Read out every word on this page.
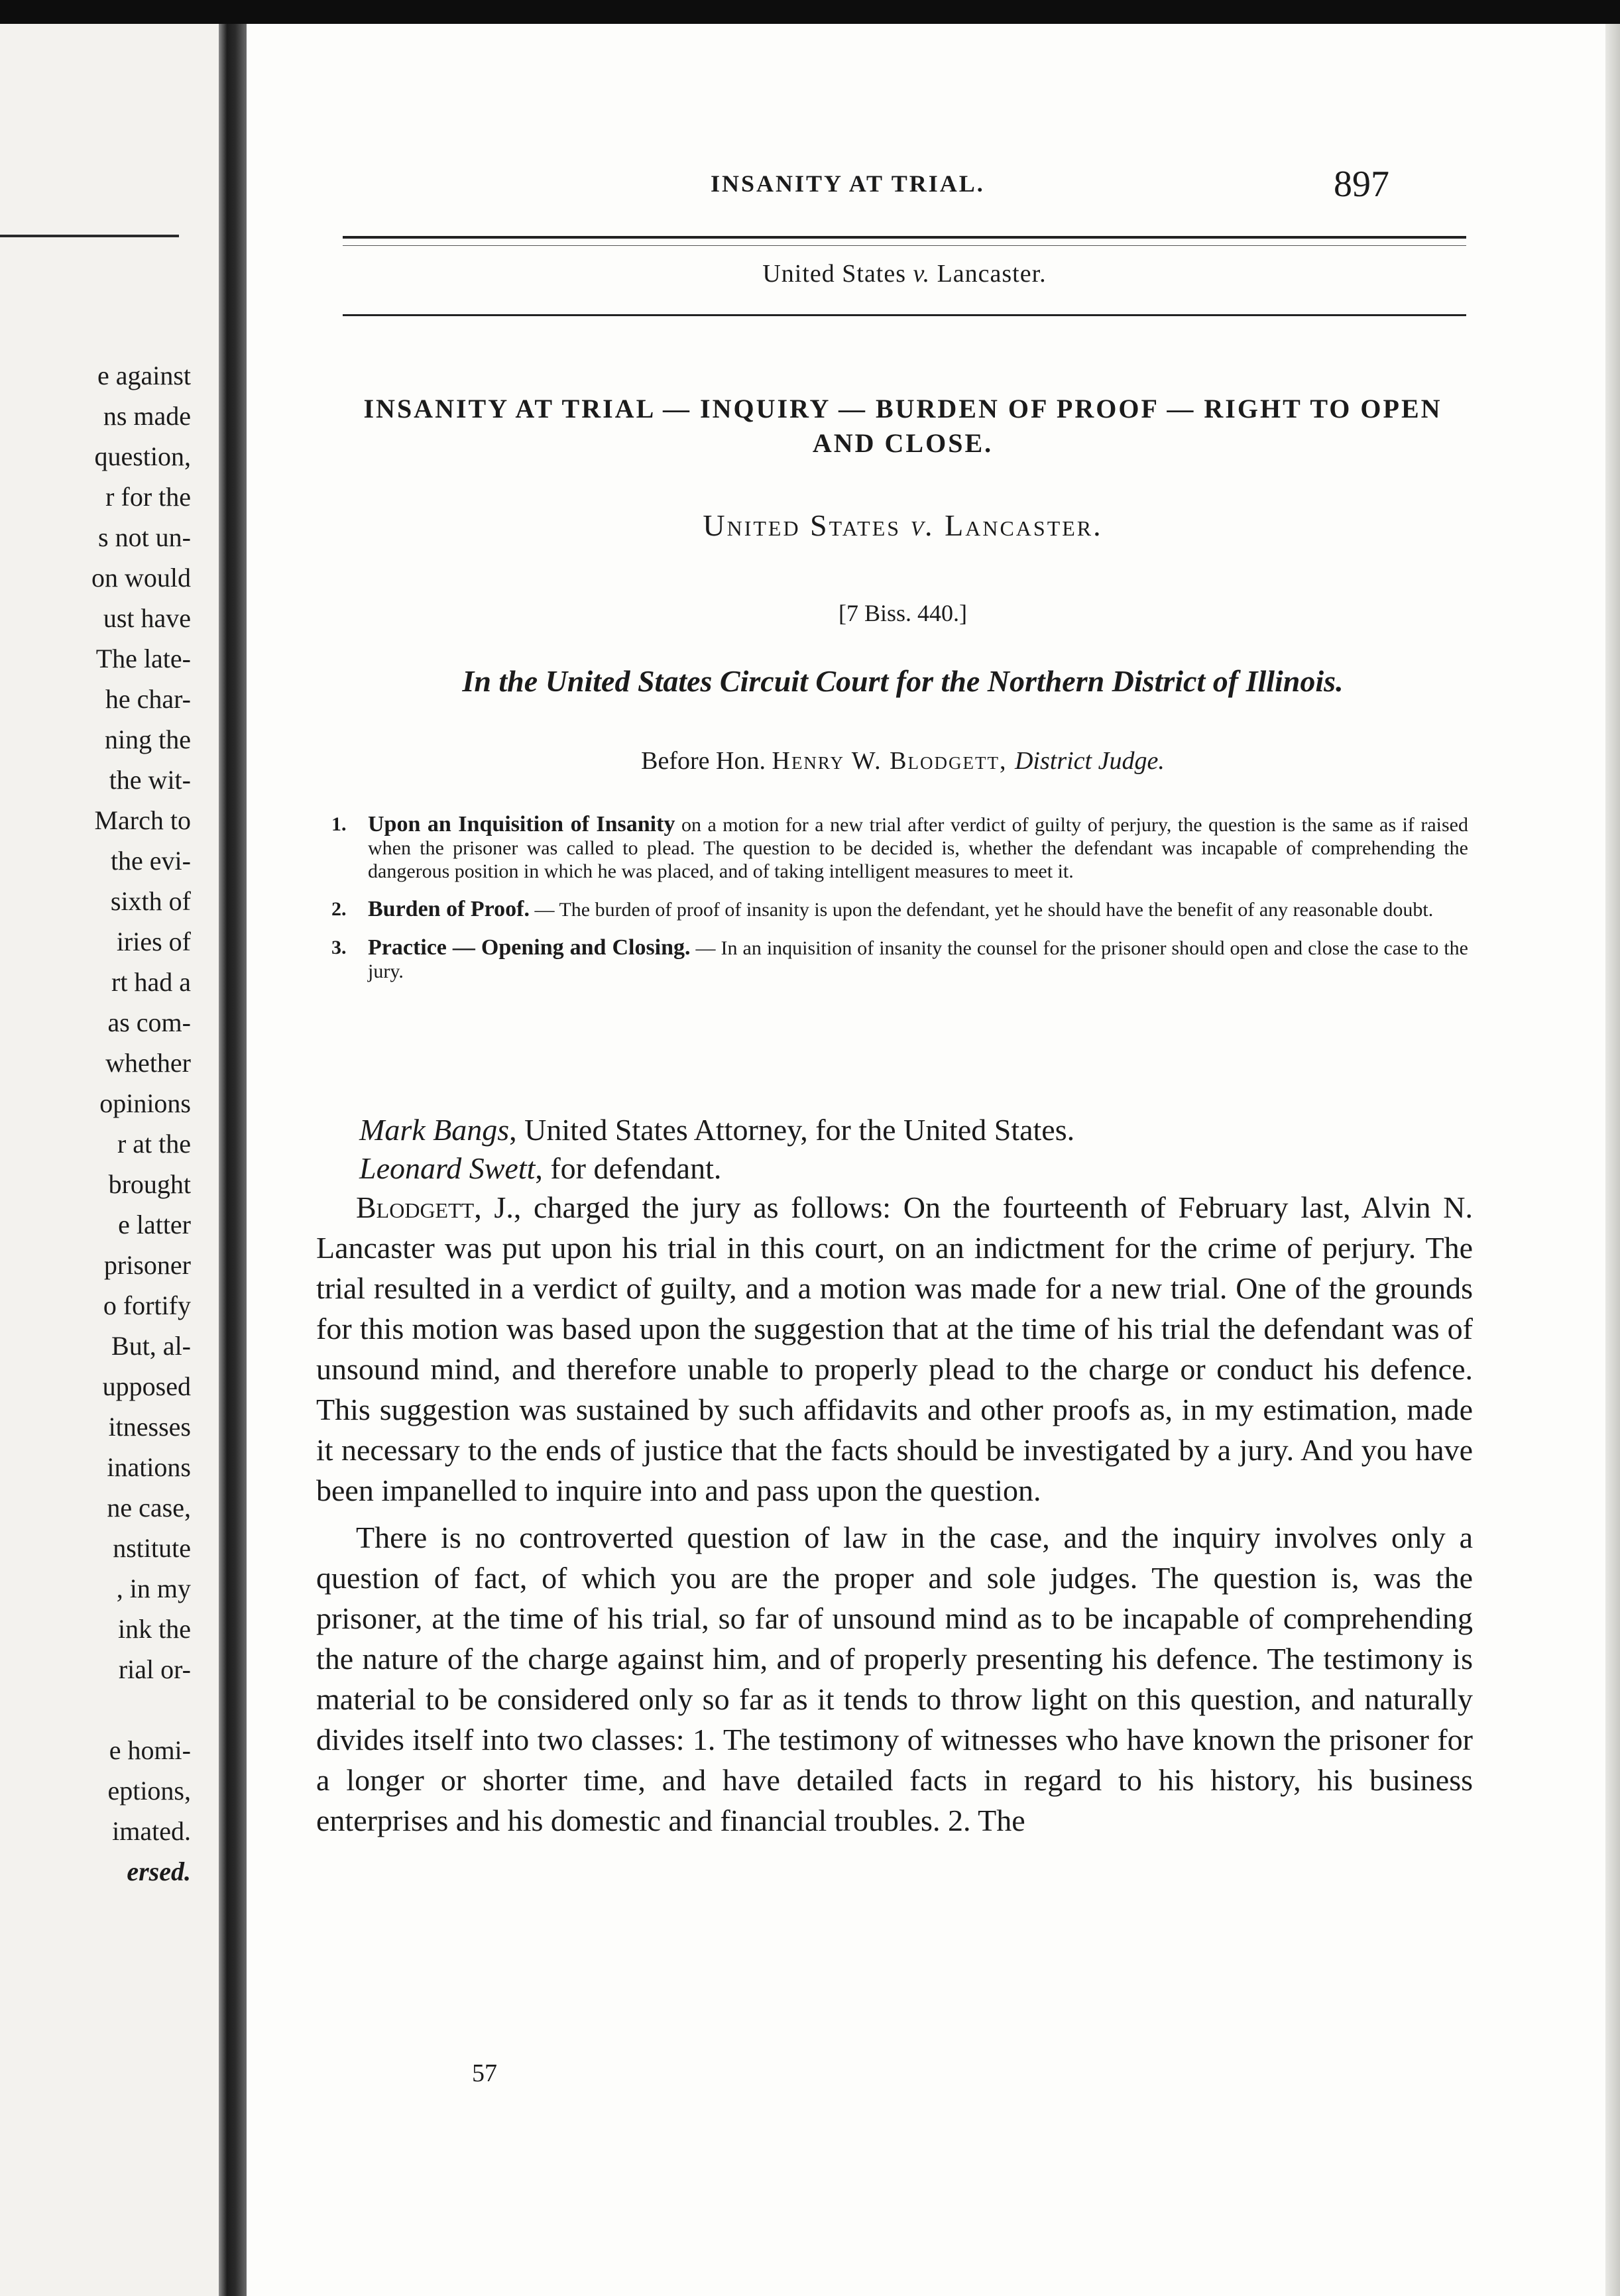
e against
ns made
question,
r for the
s not un-
on would
ust have
The late-
he char-
ning the
the wit-
March to
the evi-
sixth of
iries of
rt had a
as com-
whether
opinions
r at the
brought
e latter
prisoner
o fortify
But, al-
upposed
itnesses
inations
ne case,
nstitute
, in my
ink the
rial or-

e homi-
eptions,
imated.
ersed.
INSANITY AT TRIAL.	897
United States v. Lancaster.
INSANITY AT TRIAL — INQUIRY — BURDEN OF PROOF — RIGHT TO OPEN AND CLOSE.
United States v. Lancaster.
[7 Biss. 440.]
In the United States Circuit Court for the Northern District of Illinois.
Before Hon. Henry W. Blodgett, District Judge.
1. Upon an Inquisition of Insanity on a motion for a new trial after verdict of guilty of perjury, the question is the same as if raised when the prisoner was called to plead. The question to be decided is, whether the defendant was incapable of comprehending the dangerous position in which he was placed, and of taking intelligent measures to meet it.
2. Burden of Proof. — The burden of proof of insanity is upon the defendant, yet he should have the benefit of any reasonable doubt.
3. Practice — Opening and Closing. — In an inquisition of insanity the counsel for the prisoner should open and close the case to the jury.
Mark Bangs, United States Attorney, for the United States.
Leonard Swett, for defendant.

Blodgett, J., charged the jury as follows: On the fourteenth of February last, Alvin N. Lancaster was put upon his trial in this court, on an indictment for the crime of perjury. The trial resulted in a verdict of guilty, and a motion was made for a new trial. One of the grounds for this motion was based upon the suggestion that at the time of his trial the defendant was of unsound mind, and therefore unable to properly plead to the charge or conduct his defence. This suggestion was sustained by such affidavits and other proofs as, in my estimation, made it necessary to the ends of justice that the facts should be investigated by a jury. And you have been impanelled to inquire into and pass upon the question.

There is no controverted question of law in the case, and the inquiry involves only a question of fact, of which you are the proper and sole judges. The question is, was the prisoner, at the time of his trial, so far of unsound mind as to be incapable of comprehending the nature of the charge against him, and of properly presenting his defence. The testimony is material to be considered only so far as it tends to throw light on this question, and naturally divides itself into two classes: 1. The testimony of witnesses who have known the prisoner for a longer or shorter time, and have detailed facts in regard to his history, his business enterprises and his domestic and financial troubles. 2. The

57
